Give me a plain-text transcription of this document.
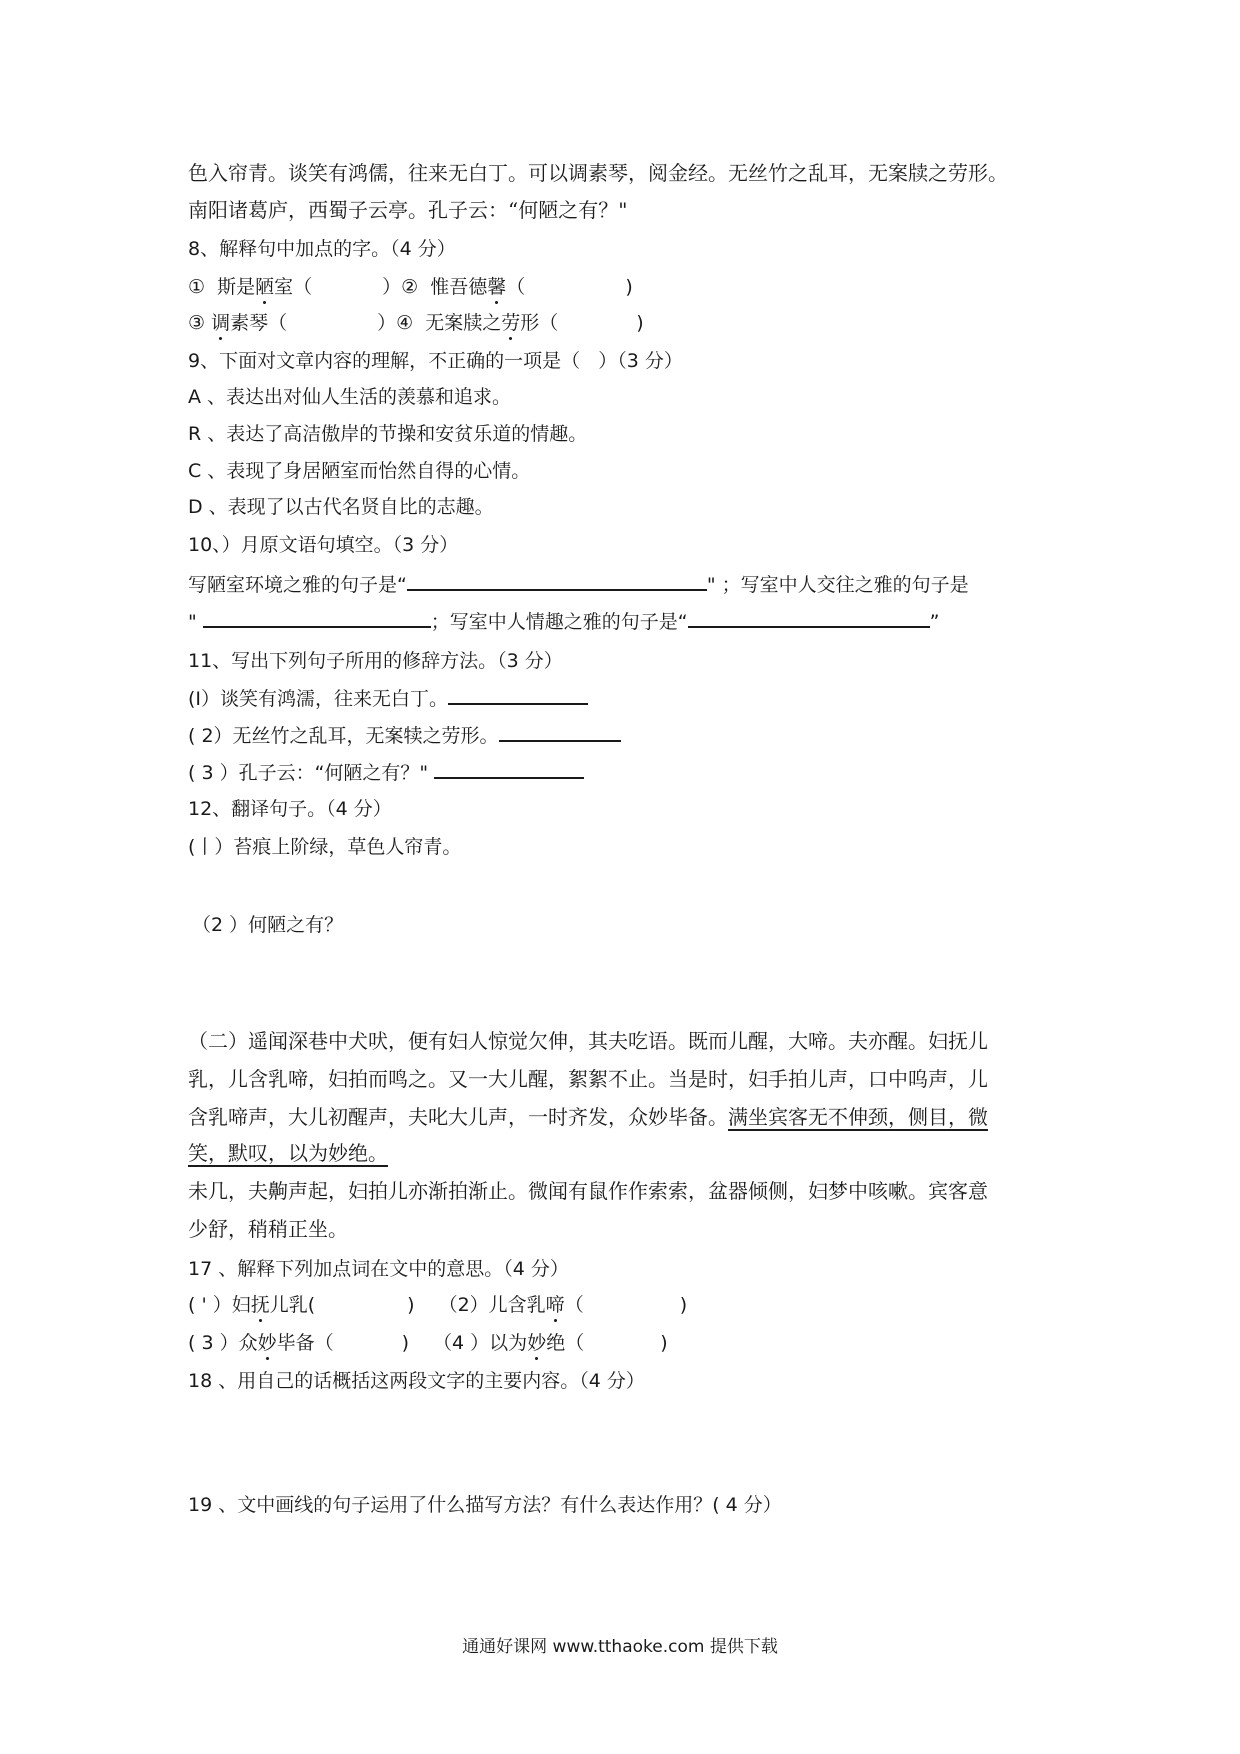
色入帘青。谈笑有鸿儒，往来无白丁。可以调素琴，阅金经。无丝竹之乱耳，无案牍之劳形。
南阳诸葛庐，西蜀子云亭。孔子云：“何陋之有？"
8、解释句中加点的字。（4 分）
①  斯是陋室（	）②  惟吾德馨（	)
③ 调素琴（	）④  无案牍之劳形（	)
9、下面对文章内容的理解，不正确的一项是（   ）（3 分）
A 、表达出对仙人生活的羡慕和追求。
R 、表达了高洁傲岸的节操和安贫乐道的情趣。
C 、表现了身居陋室而怡然自得的心情。
D 、表现了以古代名贤自比的志趣。
10、）月原文语句填空。（3 分）
写陋室环境之雅的句子是“	" ；写室中人交往之雅的句子是
"	；写室中人情趣之雅的句子是“	”
11、写出下列句子所用的修辞方法。（3 分）
(I）谈笑有鸿濡，往来无白丁。
( 2）无丝竹之乱耳，无案犊之劳形。
( 3 ）孔子云：“何陋之有？"
12、翻译句子。（4 分）
(丨）苔痕上阶绿，草色人帘青。
（2 ）何陋之有？
（二）遥闻深巷中犬吠，便有妇人惊觉欠伸，其夫吃语。既而儿醒，大啼。夫亦醒。妇抚儿
乳，儿含乳啼，妇拍而鸣之。又一大儿醒，絮絮不止。当是时，妇手拍儿声，口中呜声，儿
含乳啼声，大儿初醒声，夫叱大儿声，一时齐发，众妙毕备。满坐宾客无不伸颈，侧目，微
笑，默叹，以为妙绝。
未几，夫齁声起，妇拍儿亦渐拍渐止。微闻有鼠作作索索，盆器倾侧，妇梦中咳嗽。宾客意
少舒，稍稍正坐。
17 、解释下列加点词在文中的意思。（4 分）
( ' ）妇抚儿乳(	) （2）儿含乳啼（	)
( 3 ）众妙毕备（	) （4 ）以为妙绝（	)
18 、用自己的话概括这两段文字的主要内容。（4 分）
19 、文中画线的句子运用了什么描写方法？有什么表达作用？( 4 分）
通通好课网 www.tthaoke.com 提供下载
